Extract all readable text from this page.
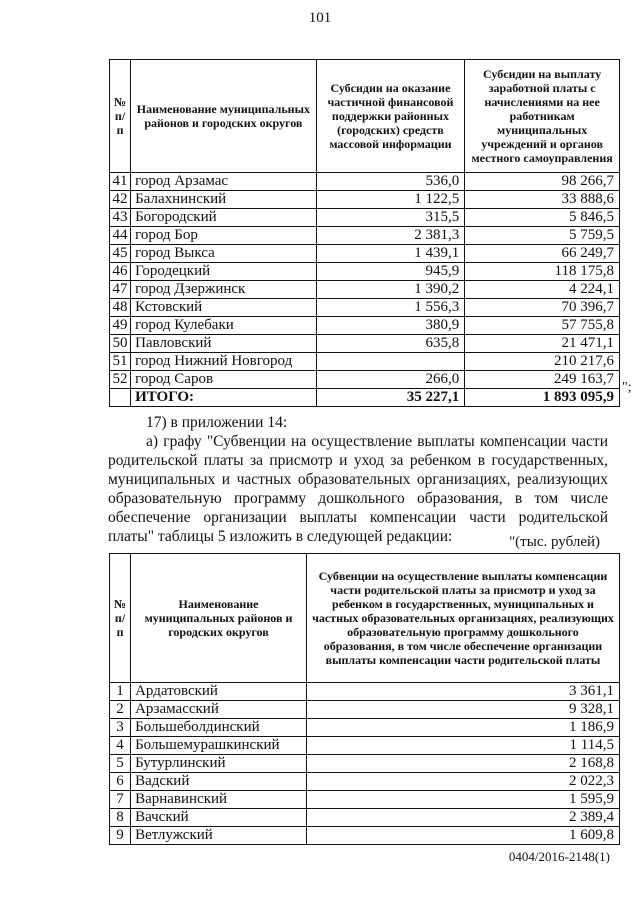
101
№ п/п	Наименование муниципальных районов и городских округов	Субсидии на оказание частичной финансовой поддержки районных (городских) средств массовой информации	Субсидии на выплату заработной платы с начислениями на нее работникам муниципальных учреждений и органов местного самоуправления
41	город Арзамас	536,0	98 266,7
42	Балахнинский	1 122,5	33 888,6
43	Богородский	315,5	5 846,5
44	город Бор	2 381,3	5 759,5
45	город Выкса	1 439,1	66 249,7
46	Городецкий	945,9	118 175,8
47	город Дзержинск	1 390,2	4 224,1
48	Кстовский	1 556,3	70 396,7
49	город Кулебаки	380,9	57 755,8
50	Павловский	635,8	21 471,1
51	город Нижний Новгород		210 217,6
52	город Саров	266,0	249 163,7
	ИТОГО:	35 227,1	1 893 095,9
";
17) в приложении 14:
а) графу "Субвенции на осуществление выплаты компенсации части родительской платы за присмотр и уход за ребенком в государственных, муниципальных и частных образовательных организациях, реализующих образовательную программу дошкольного образования, в том числе обеспечение организации выплаты компенсации части родительской платы" таблицы 5 изложить в следующей редакции:	"(тыс. рублей)
№ п/п	Наименование муниципальных районов и городских округов	Субвенции на осуществление выплаты компенсации части родительской платы за присмотр и уход за ребенком в государственных, муниципальных и частных образовательных организациях, реализующих образовательную программу дошкольного образования, в том числе обеспечение организации выплаты компенсации части родительской платы
1	Ардатовский	3 361,1
2	Арзамасский	9 328,1
3	Большеболдинский	1 186,9
4	Большемурашкинский	1 114,5
5	Бутурлинский	2 168,8
6	Вадский	2 022,3
7	Варнавинский	1 595,9
8	Вачский	2 389,4
9	Ветлужский	1 609,8
0404/2016-2148(1)
